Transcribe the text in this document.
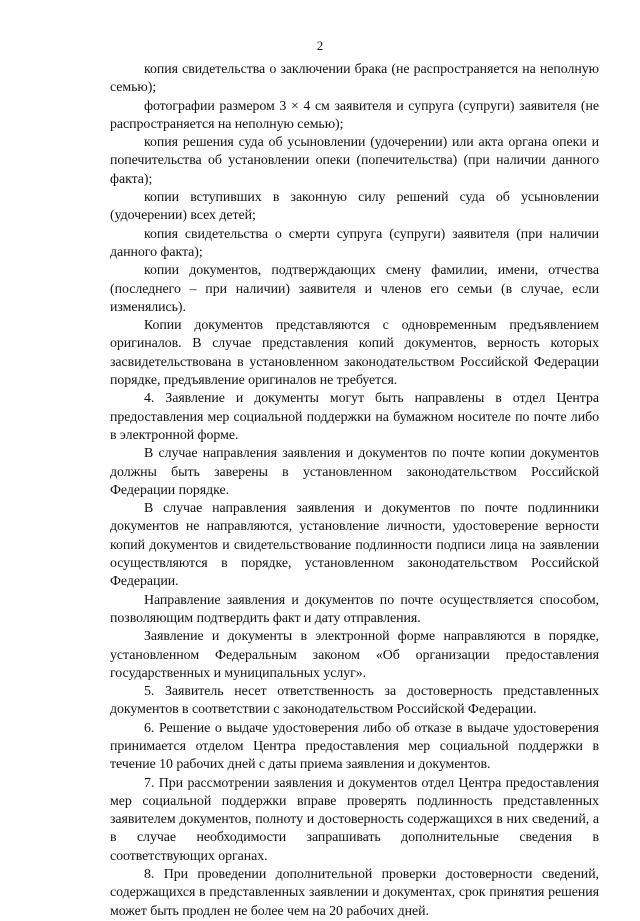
2

копия свидетельства о заключении брака (не распространяется на неполную семью);

фотографии размером 3 × 4 см заявителя и супруга (супруги) заявителя (не распространяется на неполную семью);

копия решения суда об усыновлении (удочерении) или акта органа опеки и попечительства об установлении опеки (попечительства) (при наличии данного факта);

копии вступивших в законную силу решений суда об усыновлении (удочерении) всех детей;

копия свидетельства о смерти супруга (супруги) заявителя (при наличии данного факта);

копии документов, подтверждающих смену фамилии, имени, отчества (последнего – при наличии) заявителя и членов его семьи (в случае, если изменялись).

Копии документов представляются с одновременным предъявлением оригиналов. В случае представления копий документов, верность которых засвидетельствована в установленном законодательством Российской Федерации порядке, предъявление оригиналов не требуется.

4. Заявление и документы могут быть направлены в отдел Центра предоставления мер социальной поддержки на бумажном носителе по почте либо в электронной форме.

В случае направления заявления и документов по почте копии документов должны быть заверены в установленном законодательством Российской Федерации порядке.

В случае направления заявления и документов по почте подлинники документов не направляются, установление личности, удостоверение верности копий документов и свидетельствование подлинности подписи лица на заявлении осуществляются в порядке, установленном законодательством Российской Федерации.

Направление заявления и документов по почте осуществляется способом, позволяющим подтвердить факт и дату отправления.

Заявление и документы в электронной форме направляются в порядке, установленном Федеральным законом «Об организации предоставления государственных и муниципальных услуг».

5. Заявитель несет ответственность за достоверность представленных документов в соответствии с законодательством Российской Федерации.

6. Решение о выдаче удостоверения либо об отказе в выдаче удостоверения принимается отделом Центра предоставления мер социальной поддержки в течение 10 рабочих дней с даты приема заявления и документов.

7. При рассмотрении заявления и документов отдел Центра предоставления мер социальной поддержки вправе проверять подлинность представленных заявителем документов, полноту и достоверность содержащихся в них сведений, а в случае необходимости запрашивать дополнительные сведения в соответствующих органах.

8. При проведении дополнительной проверки достоверности сведений, содержащихся в представленных заявлении и документах, срок принятия решения может быть продлен не более чем на 20 рабочих дней.
